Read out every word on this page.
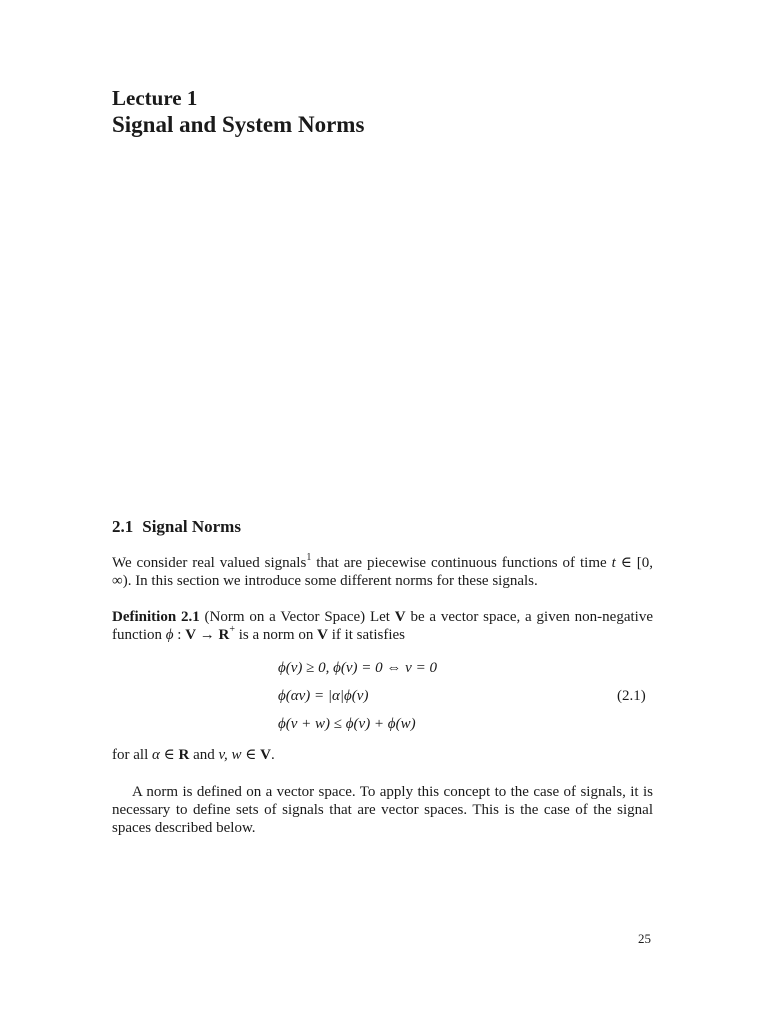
Lecture 1
Signal and System Norms
2.1 Signal Norms

We consider real valued signals$^1$ that are piecewise continuous functions of time t ∈ [0, ∞). In this section we introduce some different norms for these signals.

Definition 2.1 (Norm on a Vector Space) Let V be a vector space, a given non-negative function ϕ : V → R+ is a norm on V if it satisfies

ϕ(v) ≥ 0, ϕ(v) = 0 ⇔ v = 0
ϕ(αv) = |α|ϕ(v)
ϕ(v + w) ≤ ϕ(v) + ϕ(w)
(2.1)

for all α ∈ R and v, w ∈ V.

A norm is defined on a vector space. To apply this concept to the case of signals, it is necessary to define sets of signals that are vector spaces. This is the case of the signal spaces described below.

25
